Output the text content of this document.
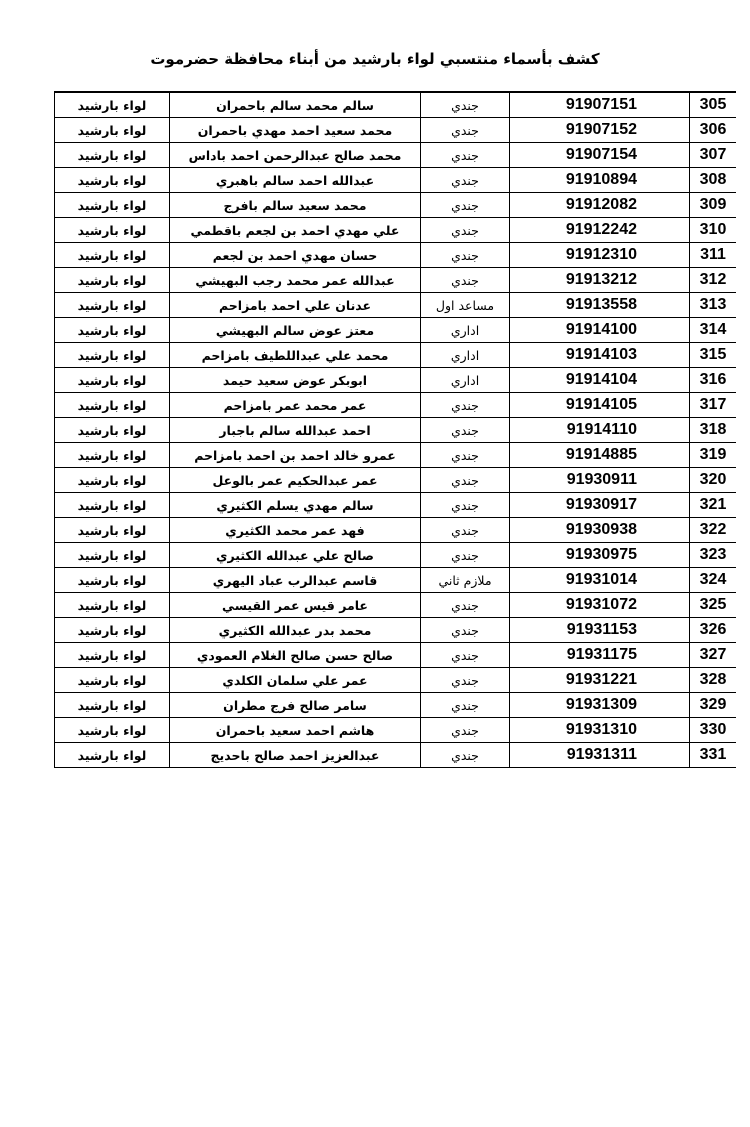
كشف بأسماء منتسبي لواء بارشيد من أبناء محافظة حضرموت
لواء بارشيد	سالم محمد سالم باحمران	جندي	91907151	305
لواء بارشيد	محمد سعيد احمد مهدي باحمران	جندي	91907152	306
لواء بارشيد	محمد صالح عبدالرحمن احمد باداس	جندي	91907154	307
لواء بارشيد	عبدالله احمد سالم باهبري	جندي	91910894	308
لواء بارشيد	محمد سعيد سالم بافرج	جندي	91912082	309
لواء بارشيد	علي مهدي احمد بن لجعم باقطمي	جندي	91912242	310
لواء بارشيد	حسان مهدي احمد بن لجعم	جندي	91912310	311
لواء بارشيد	عبدالله عمر محمد رجب البهيشي	جندي	91913212	312
لواء بارشيد	عدنان علي احمد بامزاحم	مساعد اول	91913558	313
لواء بارشيد	معتز عوض سالم البهيشي	اداري	91914100	314
لواء بارشيد	محمد علي عبداللطيف بامزاحم	اداري	91914103	315
لواء بارشيد	ابوبكر عوض سعيد حيمد	اداري	91914104	316
لواء بارشيد	عمر محمد عمر بامزاحم	جندي	91914105	317
لواء بارشيد	احمد عبدالله سالم باجبار	جندي	91914110	318
لواء بارشيد	عمرو خالد احمد بن احمد بامزاحم	جندي	91914885	319
لواء بارشيد	عمر عبدالحكيم عمر بالوعل	جندي	91930911	320
لواء بارشيد	سالم مهدي يسلم الكثيري	جندي	91930917	321
لواء بارشيد	فهد عمر محمد الكثيري	جندي	91930938	322
لواء بارشيد	صالح علي عبدالله الكثيري	جندي	91930975	323
لواء بارشيد	قاسم عبدالرب عباد اليهري	ملازم ثاني	91931014	324
لواء بارشيد	عامر قيس عمر القيسي	جندي	91931072	325
لواء بارشيد	محمد بدر عبدالله الكثيري	جندي	91931153	326
لواء بارشيد	صالح حسن صالح الغلام العمودي	جندي	91931175	327
لواء بارشيد	عمر علي سلمان الكلدي	جندي	91931221	328
لواء بارشيد	سامر صالح فرج مطران	جندي	91931309	329
لواء بارشيد	هاشم احمد سعيد باحمران	جندي	91931310	330
لواء بارشيد	عبدالعزيز احمد صالح باحديج	جندي	91931311	331
